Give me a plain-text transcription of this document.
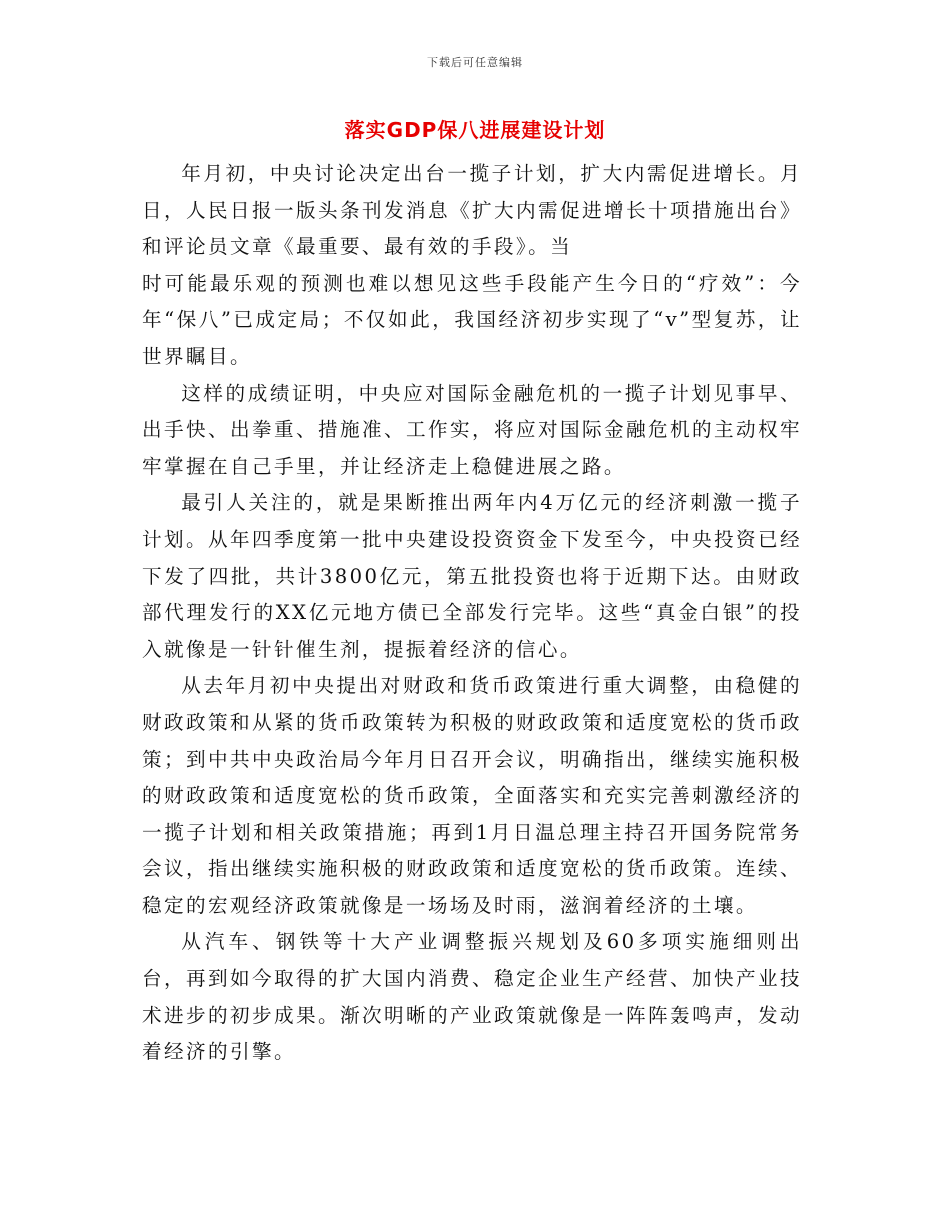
下载后可任意编辑
落实GDP保八进展建设计划

年月初，中央讨论决定出台一揽子计划，扩大内需促进增长。月日，人民日报一版头条刊发消息《扩大内需促进增长十项措施出台》和评论员文章《最重要、最有效的手段》。当

时可能最乐观的预测也难以想见这些手段能产生今日的“疗效”：今年“保八”已成定局；不仅如此，我国经济初步实现了“v”型复苏，让世界瞩目。

这样的成绩证明，中央应对国际金融危机的一揽子计划见事早、出手快、出拳重、措施准、工作实，将应对国际金融危机的主动权牢牢掌握在自己手里，并让经济走上稳健进展之路。

最引人关注的，就是果断推出两年内4万亿元的经济刺激一揽子计划。从年四季度第一批中央建设投资资金下发至今，中央投资已经下发了四批，共计3800亿元，第五批投资也将于近期下达。由财政部代理发行的XX亿元地方债已全部发行完毕。这些“真金白银”的投入就像是一针针催生剂，提振着经济的信心。

从去年月初中央提出对财政和货币政策进行重大调整，由稳健的财政政策和从紧的货币政策转为积极的财政政策和适度宽松的货币政策；到中共中央政治局今年月日召开会议，明确指出，继续实施积极的财政政策和适度宽松的货币政策，全面落实和充实完善刺激经济的一揽子计划和相关政策措施；再到1月日温总理主持召开国务院常务会议，指出继续实施积极的财政政策和适度宽松的货币政策。连续、稳定的宏观经济政策就像是一场场及时雨，滋润着经济的土壤。

从汽车、钢铁等十大产业调整振兴规划及60多项实施细则出台，再到如今取得的扩大国内消费、稳定企业生产经营、加快产业技术进步的初步成果。渐次明晰的产业政策就像是一阵阵轰鸣声，发动着经济的引擎。
